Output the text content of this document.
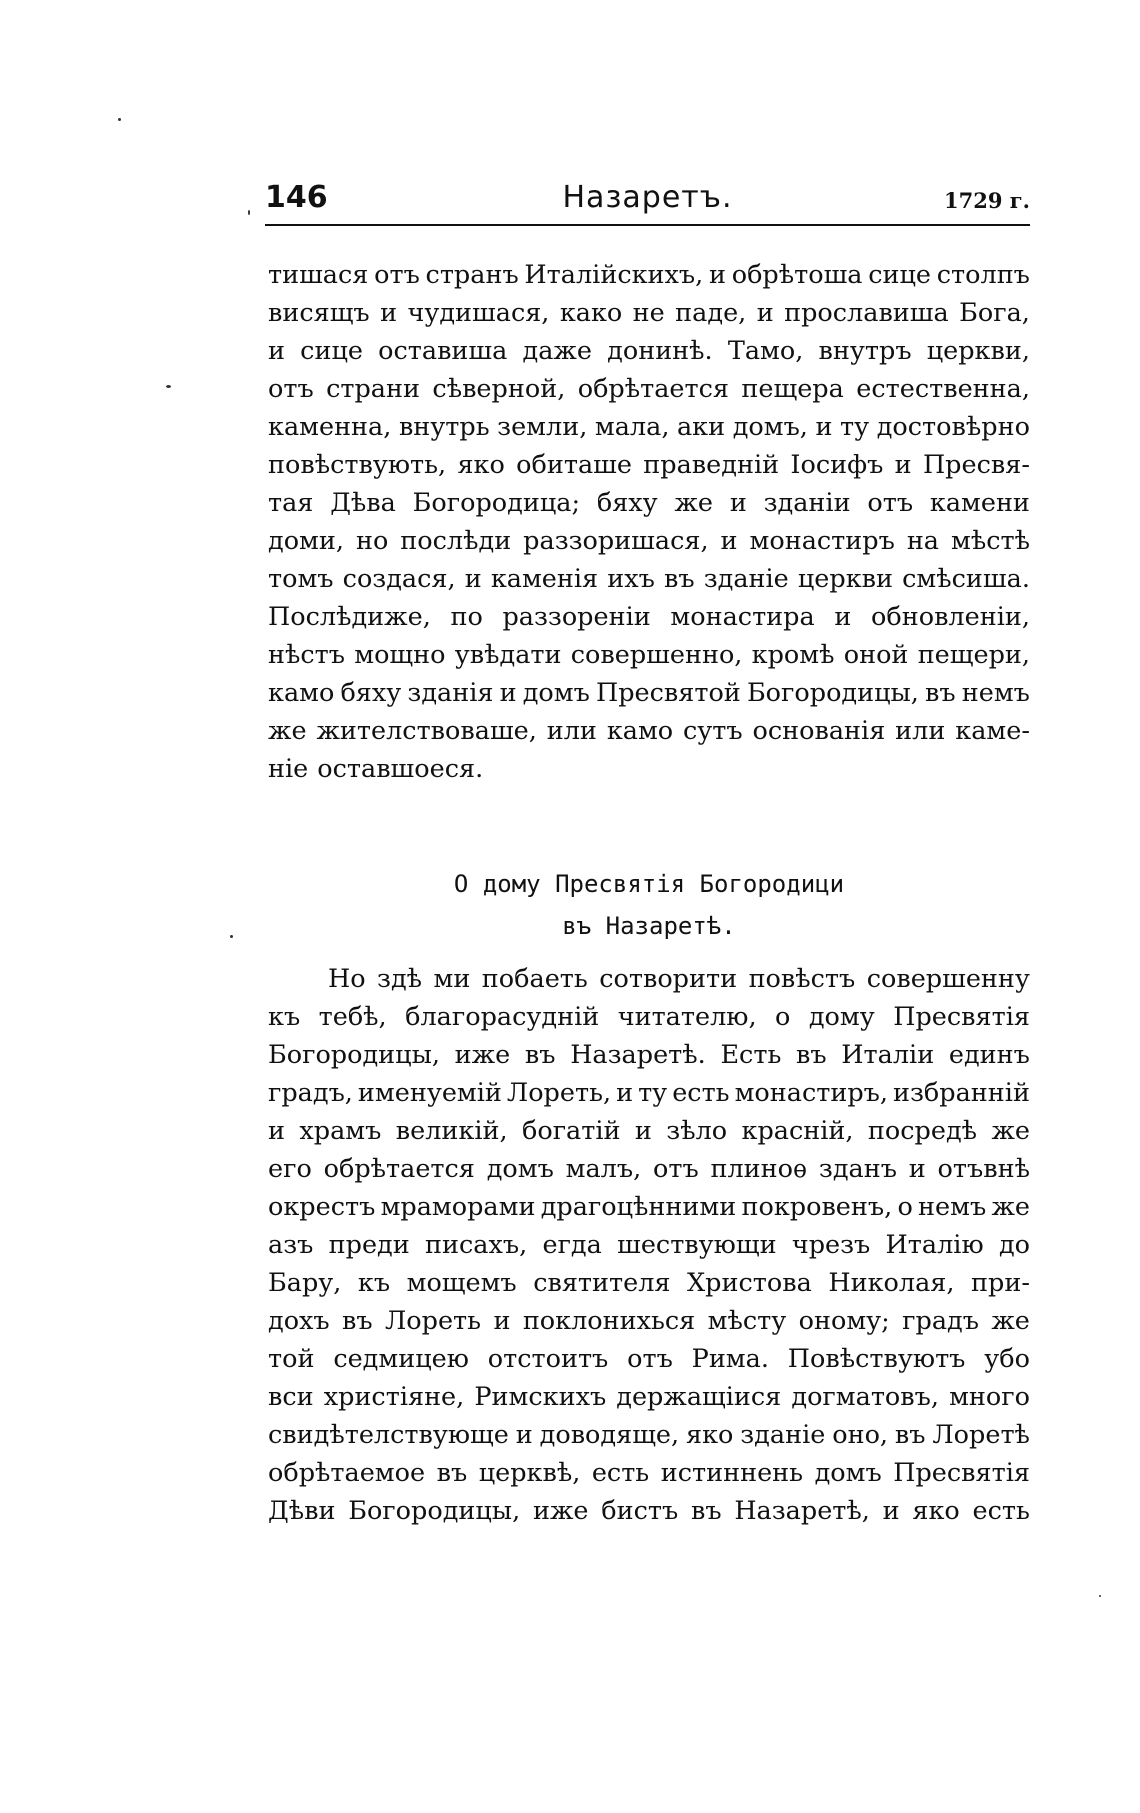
146	Назаретъ.	1729 г.
тишася отъ странъ Италійскихъ, и обрѣтоша сице столпъ
висящъ и чудишася, како не паде, и прославиша Бога,
и сице оставиша даже донинѣ. Тамо, внутръ церкви,
отъ страни сѣверной, обрѣтается пещера естественна,
каменна, внутрь земли, мала, аки домъ, и ту достовѣрно
повѣствують, яко обиташе праведній Іосифъ и Пресвя-
тая Дѣва Богородица; бяху же и зданіи отъ камени
доми, но послѣди раззоришася, и монастиръ на мѣстѣ
томъ создася, и каменія ихъ въ зданіе церкви смѣсиша.
Послѣдиже, по раззореніи монастира и обновленіи,
нѣстъ мощно увѣдати совершенно, кромѣ оной пещери,
камо бяху зданія и домъ Пресвятой Богородицы, въ немъ
же жителствоваше, или камо сутъ основанія или каме-
ніе оставшоеся.
О дому Пресвятія Богородици
въ Назаретѣ.
Но здѣ ми побаеть сотворити повѣстъ совершенну
къ тебѣ, благорасудній читателю, о дому Пресвятія
Богородицы, иже въ Назаретѣ. Есть въ Италіи единъ
градъ, именуемій Лореть, и ту есть монастиръ, избранній
и храмъ великій, богатій и зѣло красній, посредѣ же
его обрѣтается домъ малъ, отъ плиноѳ зданъ и отъвнѣ
окрестъ мраморами драгоцѣнними покровенъ, о немъ же
азъ преди писахъ, егда шествующи чрезъ Италію до
Бару, къ мощемъ святителя Христова Николая, при-
дохъ въ Лореть и поклонихься мѣсту оному; градъ же
той седмицею отстоитъ отъ Рима. Повѣствуютъ убо
вси христіяне, Римскихъ держащіися догматовъ, много
свидѣтелствующе и доводяще, яко зданіе оно, въ Лоретѣ
обрѣтаемое въ церквѣ, есть истиннень домъ Пресвятія
Дѣви Богородицы, иже бистъ въ Назаретѣ, и яко есть
